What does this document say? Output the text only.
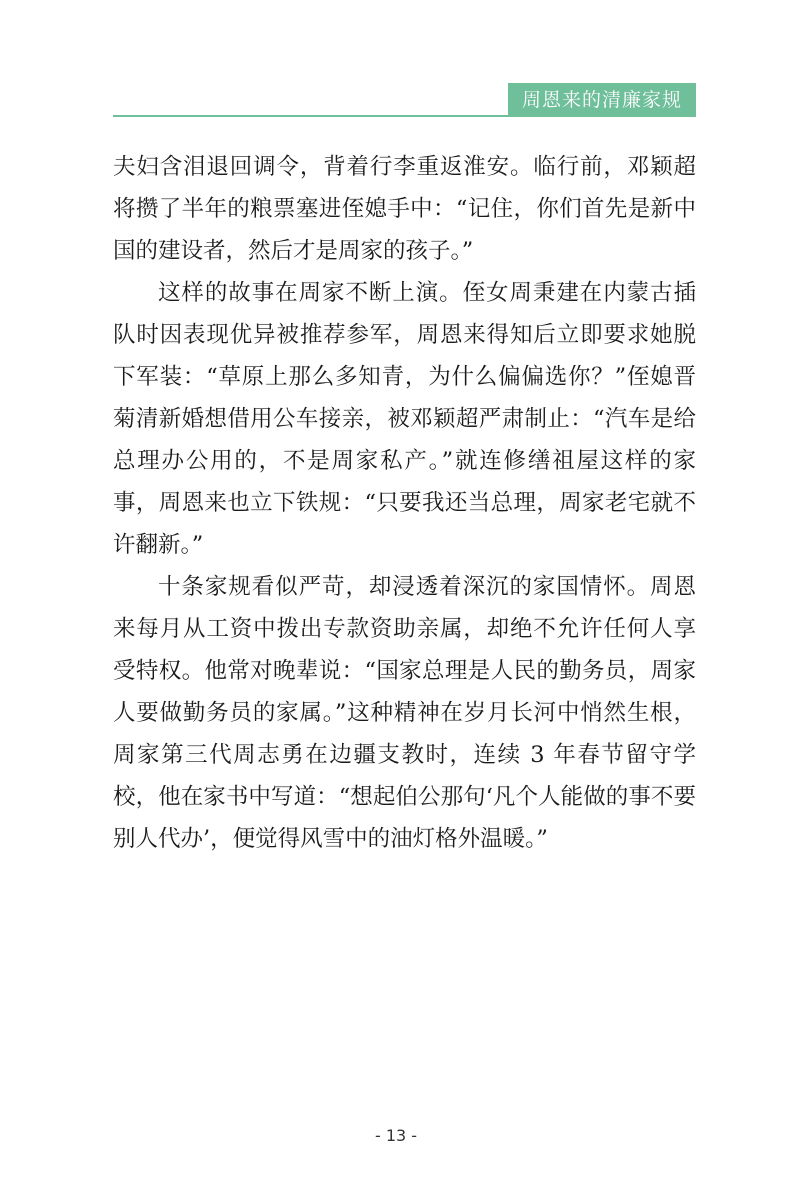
周恩来的清廉家规

夫妇含泪退回调令，背着行李重返淮安。临行前，邓颖超将攒了半年的粮票塞进侄媳手中：“记住，你们首先是新中国的建设者，然后才是周家的孩子。”

这样的故事在周家不断上演。侄女周秉建在内蒙古插队时因表现优异被推荐参军，周恩来得知后立即要求她脱下军装：“草原上那么多知青，为什么偏偏选你？”侄媳晋菊清新婚想借用公车接亲，被邓颖超严肃制止：“汽车是给总理办公用的，不是周家私产。”就连修缮祖屋这样的家事，周恩来也立下铁规：“只要我还当总理，周家老宅就不许翻新。”

十条家规看似严苛，却浸透着深沉的家国情怀。周恩来每月从工资中拨出专款资助亲属，却绝不允许任何人享受特权。他常对晚辈说：“国家总理是人民的勤务员，周家人要做勤务员的家属。”这种精神在岁月长河中悄然生根，周家第三代周志勇在边疆支教时，连续 3 年春节留守学校，他在家书中写道：“想起伯公那句‘凡个人能做的事不要别人代办’，便觉得风雪中的油灯格外温暖。”

- 13 -
